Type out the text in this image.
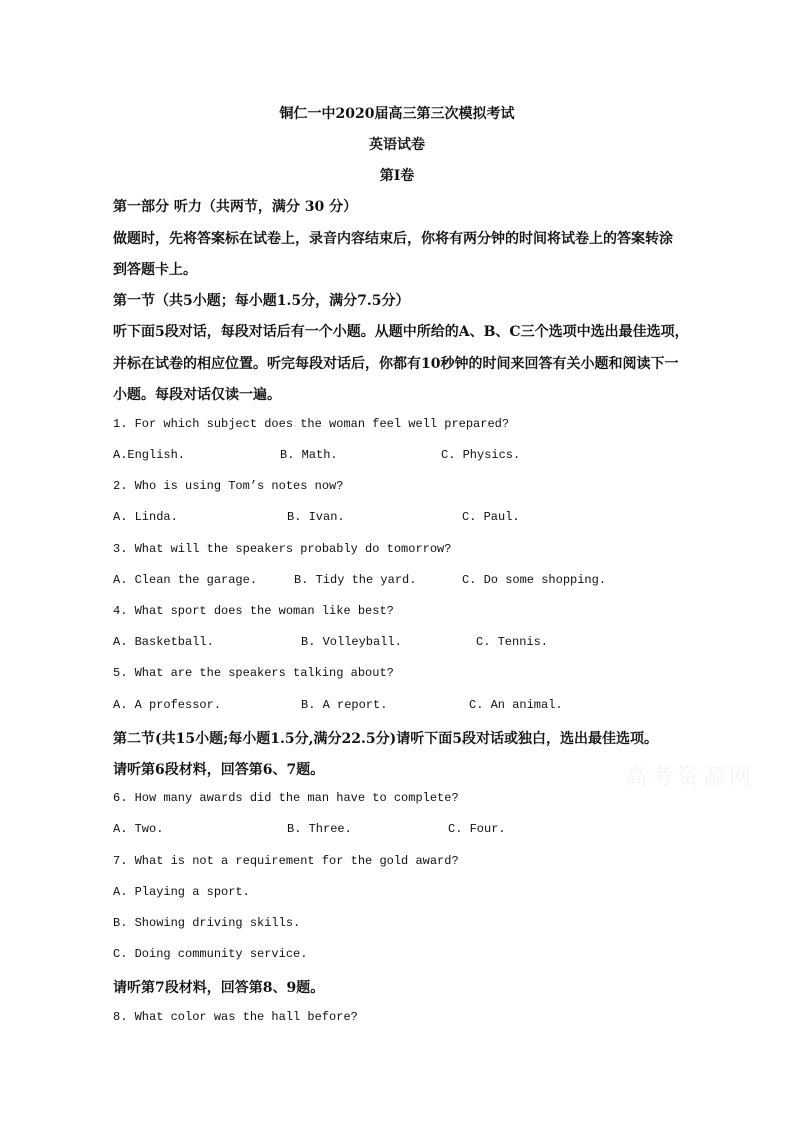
铜仁一中2020届高三第三次模拟考试
英语试卷
第Ⅰ卷
第一部分 听力（共两节，满分 30 分）
做题时，先将答案标在试卷上，录音内容结束后，你将有两分钟的时间将试卷上的答案转涂
到答题卡上。
第一节（共5小题；每小题1.5分，满分7.5分）
听下面5段对话，每段对话后有一个小题。从题中所给的A、B、C三个选项中选出最佳选项，
并标在试卷的相应位置。听完每段对话后，你都有10秒钟的时间来回答有关小题和阅读下一
小题。每段对话仅读一遍。
1. For which subject does the woman feel well prepared?
A.English.	B. Math.	C. Physics.
2. Who is using Tom’s notes now?
A. Linda.	B. Ivan.	C. Paul.
3. What will the speakers probably do tomorrow?
A. Clean the garage.	B. Tidy the yard.	C. Do some shopping.
4. What sport does the woman like best?
A. Basketball.	B. Volleyball.	C. Tennis.
5. What are the speakers talking about?
A. A professor.	B. A report.	C. An animal.
第二节(共15小题;每小题1.5分,满分22.5分)请听下面5段对话或独白，选出最佳选项。
请听第6段材料，回答第6、7题。
6. How many awards did the man have to complete?
A. Two.	B. Three.	C. Four.
7. What is not a requirement for the gold award?
A. Playing a sport.
B. Showing driving skills.
C. Doing community service.
请听第7段材料，回答第8、9题。
8. What color was the hall before?
高考资源网
